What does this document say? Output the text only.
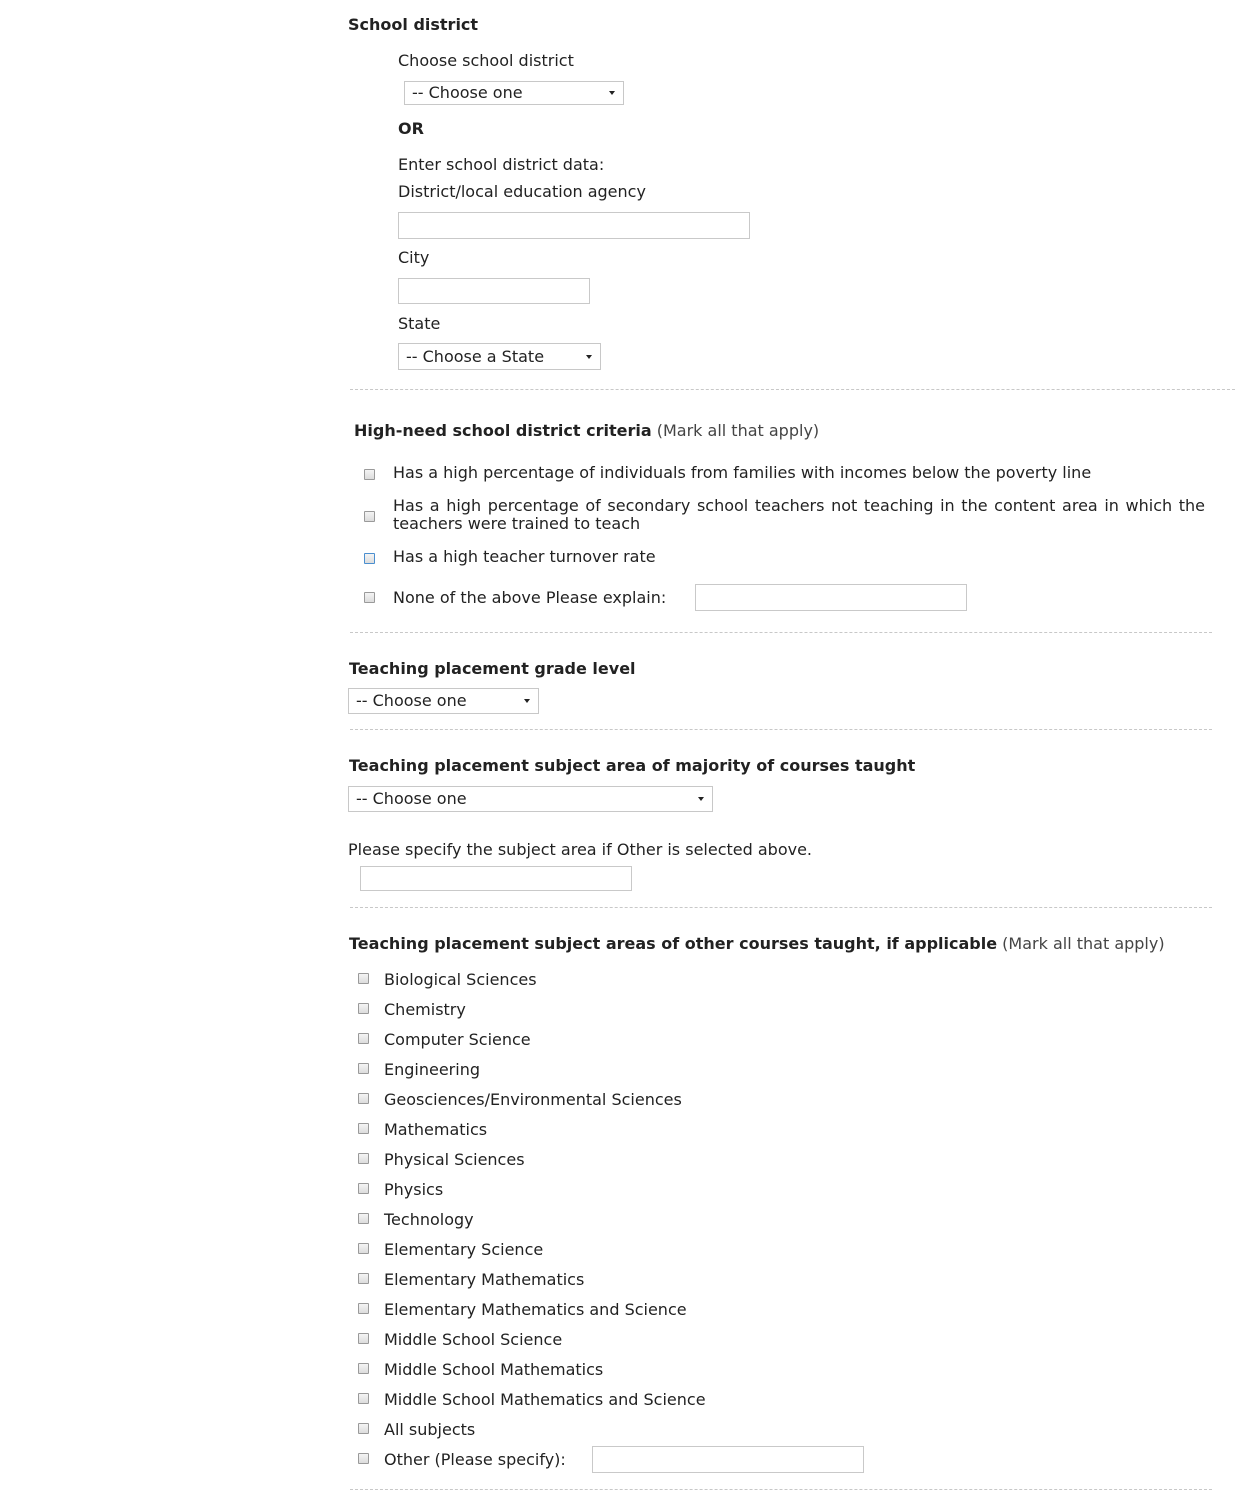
School district
Choose school district
-- Choose one
OR
Enter school district data:
District/local education agency
City
State
-- Choose a State
High-need school district criteria (Mark all that apply)
Has a high percentage of individuals from families with incomes below the poverty line
Has a high percentage of secondary school teachers not teaching in the content area in which the
teachers were trained to teach
Has a high teacher turnover rate
None of the above Please explain:
Teaching placement grade level
-- Choose one
Teaching placement subject area of majority of courses taught
-- Choose one
Please specify the subject area if Other is selected above.
Teaching placement subject areas of other courses taught, if applicable (Mark all that apply)
Biological Sciences
Chemistry
Computer Science
Engineering
Geosciences/Environmental Sciences
Mathematics
Physical Sciences
Physics
Technology
Elementary Science
Elementary Mathematics
Elementary Mathematics and Science
Middle School Science
Middle School Mathematics
Middle School Mathematics and Science
All subjects
Other (Please specify):
